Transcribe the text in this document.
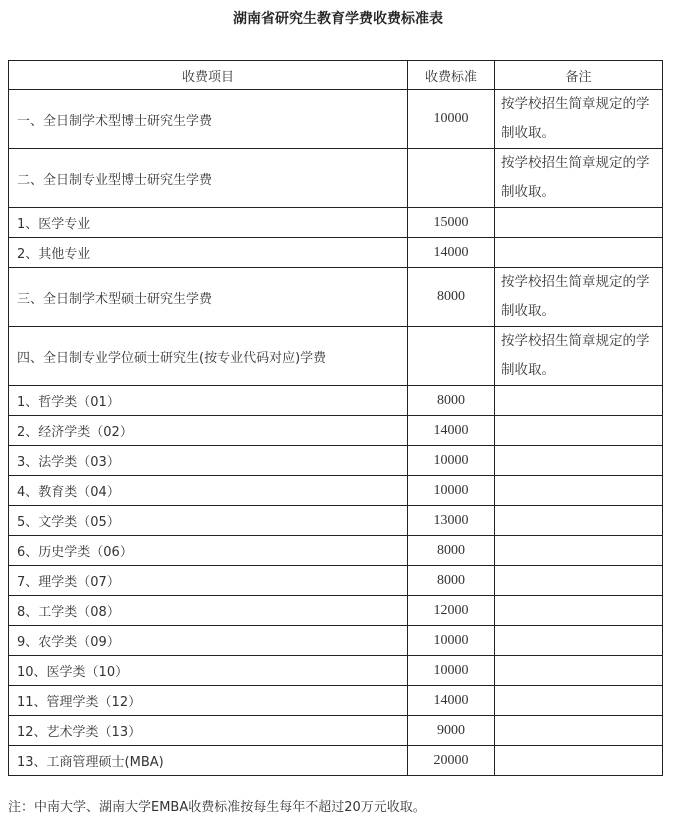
湖南省研究生教育学费收费标准表
收费项目	收费标准	备注
一、全日制学术型博士研究生学费	10000	按学校招生简章规定的学制收取。
二、全日制专业型博士研究生学费		按学校招生简章规定的学制收取。
1、医学专业	15000	
2、其他专业	14000	
三、全日制学术型硕士研究生学费	8000	按学校招生简章规定的学制收取。
四、全日制专业学位硕士研究生(按专业代码对应)学费		按学校招生简章规定的学制收取。
1、哲学类（01）	8000	
2、经济学类（02）	14000	
3、法学类（03）	10000	
4、教育类（04）	10000	
5、文学类（05）	13000	
6、历史学类（06）	8000	
7、理学类（07）	8000	
8、工学类（08）	12000	
9、农学类（09）	10000	
10、医学类（10）	10000	
11、管理学类（12）	14000	
12、艺术学类（13）	9000	
13、工商管理硕士(MBA)	20000	
注：中南大学、湖南大学EMBA收费标准按每生每年不超过20万元收取。
